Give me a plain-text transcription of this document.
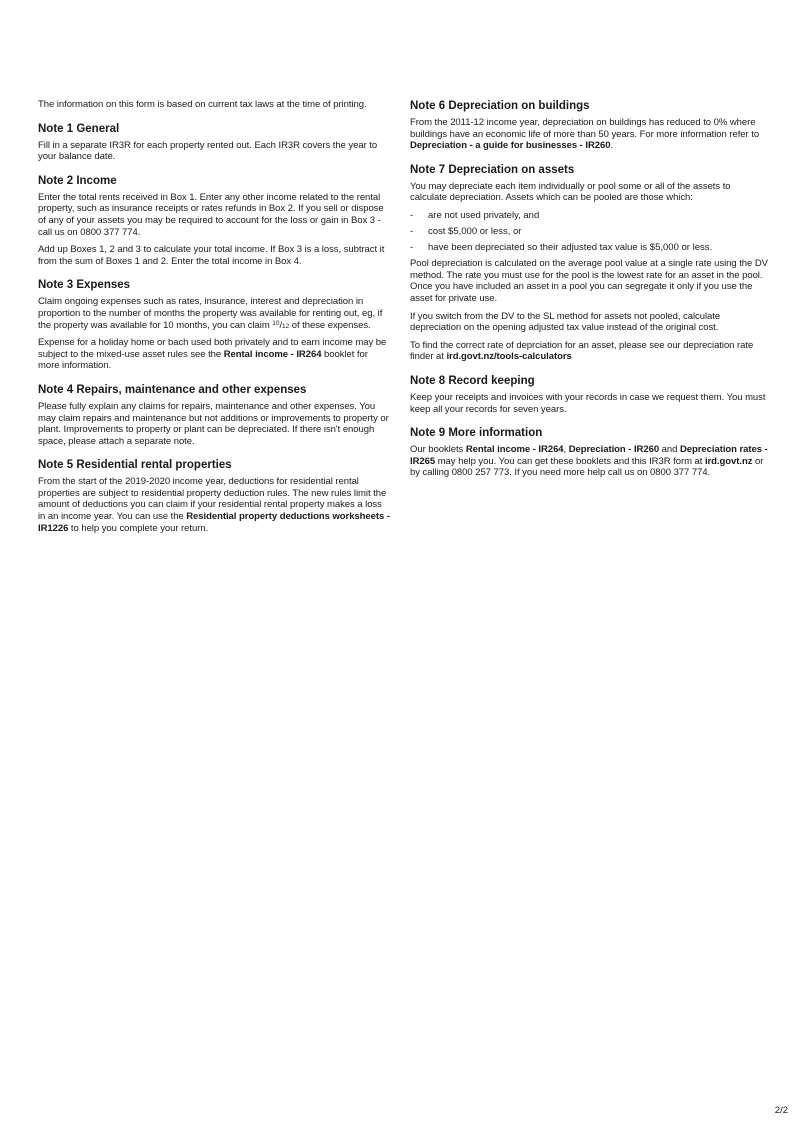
The information on this form is based on current tax laws at the time of printing.

Note 1 General

Fill in a separate IR3R for each property rented out. Each IR3R covers the year to your balance date.

Note 2 Income

Enter the total rents received in Box 1. Enter any other income related to the rental property, such as insurance receipts or rates refunds in Box 2. If you sell or dispose of any of your assets you may be required to account for the loss or gain in Box 3 - call us on 0800 377 774.

Add up Boxes 1, 2 and 3 to calculate your total income. If Box 3 is a loss, subtract it from the sum of Boxes 1 and 2. Enter the total income in Box 4.

Note 3 Expenses

Claim ongoing expenses such as rates, insurance, interest and depreciation in proportion to the number of months the property was available for renting out, eg, if the property was available for 10 months, you can claim $^{10}$/12 of these expenses.

Expense for a holiday home or bach used both privately and to earn income may be subject to the mixed-use asset rules see the Rental income - IR264 booklet for more information.

Note 4 Repairs, maintenance and other expenses

Please fully explain any claims for repairs, maintenance and other expenses. You may claim repairs and maintenance but not additions or improvements to property or plant. Improvements to property or plant can be depreciated. If there isn't enough space, please attach a separate note.

Note 5 Residential rental properties

From the start of the 2019-2020 income year, deductions for residential rental properties are subject to residential property deduction rules. The new rules limit the amount of deductions you can claim if your residential rental property makes a loss in an income year. You can use the Residential property deductions worksheets - IR1226 to help you complete your return.

Note 6 Depreciation on buildings

From the 2011-12 income year, depreciation on buildings has reduced to 0% where buildings have an economic life of more than 50 years. For more information refer to Depreciation - a guide for businesses - IR260.

Note 7 Depreciation on assets

You may depreciate each item individually or pool some or all of the assets to calculate depreciation. Assets which can be pooled are those which:

- are not used privately, and
- cost $5,000 or less, or
- have been depreciated so their adjusted tax value is $5,000 or less.

Pool depreciation is calculated on the average pool value at a single rate using the DV method. The rate you must use for the pool is the lowest rate for an asset in the pool. Once you have included an asset in a pool you can segregate it only if you use the asset for private use.

If you switch from the DV to the SL method for assets not pooled, calculate depreciation on the opening adjusted tax value instead of the original cost.

To find the correct rate of deprciation for an asset, please see our depreciation rate finder at ird.govt.nz/tools-calculators

Note 8 Record keeping

Keep your receipts and invoices with your records in case we request them. You must keep all your records for seven years.

Note 9 More information

Our booklets Rental income - IR264, Depreciation - IR260 and Depreciation rates - IR265 may help you. You can get these booklets and this IR3R form at ird.govt.nz or by calling 0800 257 773. If you need more help call us on 0800 377 774.

2/2
